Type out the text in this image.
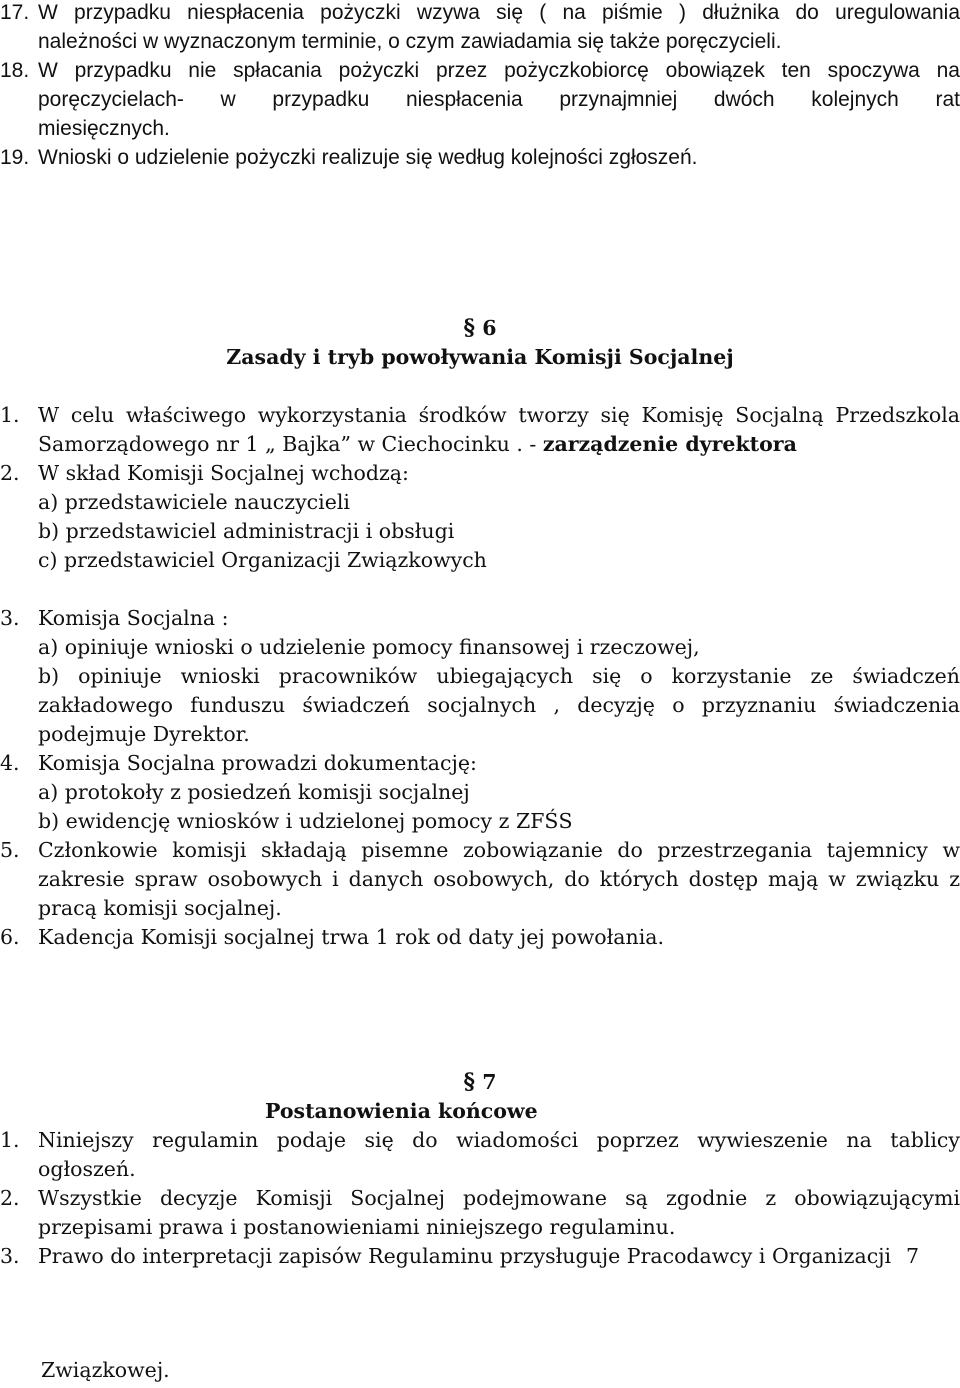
17. W przypadku niespłacenia pożyczki wzywa się ( na piśmie ) dłużnika do uregulowania
należności w wyznaczonym terminie, o czym zawiadamia się także poręczycieli.
18. W przypadku nie spłacania pożyczki przez pożyczkobiorcę obowiązek ten spoczywa na
poręczycielach- w przypadku niespłacenia przynajmniej dwóch kolejnych rat
miesięcznych.
19. Wnioski o udzielenie pożyczki realizuje się według kolejności zgłoszeń.
§ 6
Zasady i tryb powoływania Komisji Socjalnej
1. W celu właściwego wykorzystania środków tworzy się Komisję Socjalną Przedszkola
Samorządowego nr 1 „ Bajka” w Ciechocinku . - zarządzenie dyrektora
2. W skład Komisji Socjalnej wchodzą:
a) przedstawiciele nauczycieli
b) przedstawiciel administracji i obsługi
c) przedstawiciel Organizacji Związkowych
3. Komisja Socjalna :
a) opiniuje wnioski o udzielenie pomocy finansowej i rzeczowej,
b) opiniuje wnioski pracowników ubiegających się o korzystanie ze świadczeń
zakładowego funduszu świadczeń socjalnych , decyzję o przyznaniu świadczenia
podejmuje Dyrektor.
4. Komisja Socjalna prowadzi dokumentację:
a) protokoły z posiedzeń komisji socjalnej
b) ewidencję wniosków i udzielonej pomocy z ZFŚS
5. Członkowie komisji składają pisemne zobowiązanie do przestrzegania tajemnicy w
zakresie spraw osobowych i danych osobowych, do których dostęp mają w związku z
pracą komisji socjalnej.
6. Kadencja Komisji socjalnej trwa 1 rok od daty jej powołania.
§ 7
Postanowienia końcowe
1. Niniejszy regulamin podaje się do wiadomości poprzez wywieszenie na tablicy
ogłoszeń.
2. Wszystkie decyzje Komisji Socjalnej podejmowane są zgodnie z obowiązującymi
przepisami prawa i postanowieniami niniejszego regulaminu.
3. Prawo do interpretacji zapisów Regulaminu przysługuje Pracodawcy i Organizacji 7
Związkowej.
